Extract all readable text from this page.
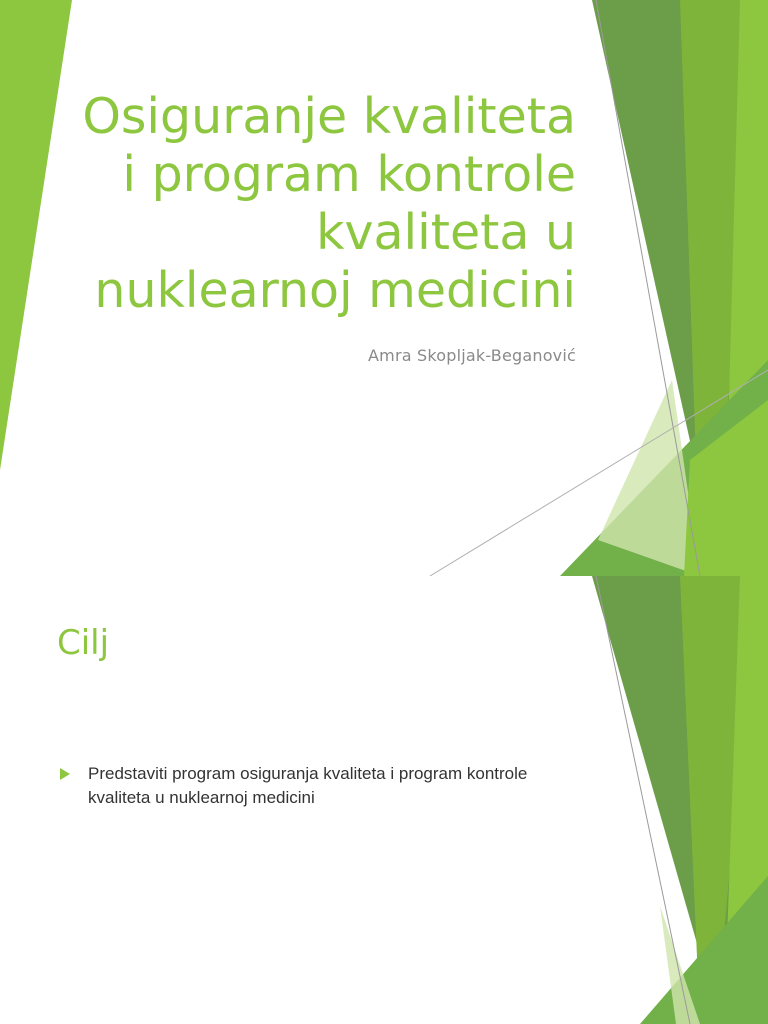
Osiguranje kvaliteta i program kontrole kvaliteta u nuklearnoj medicini

Amra Skopljak-Beganović

Cilj
Predstaviti program osiguranja kvaliteta i program kontrole kvaliteta u nuklearnoj medicini
